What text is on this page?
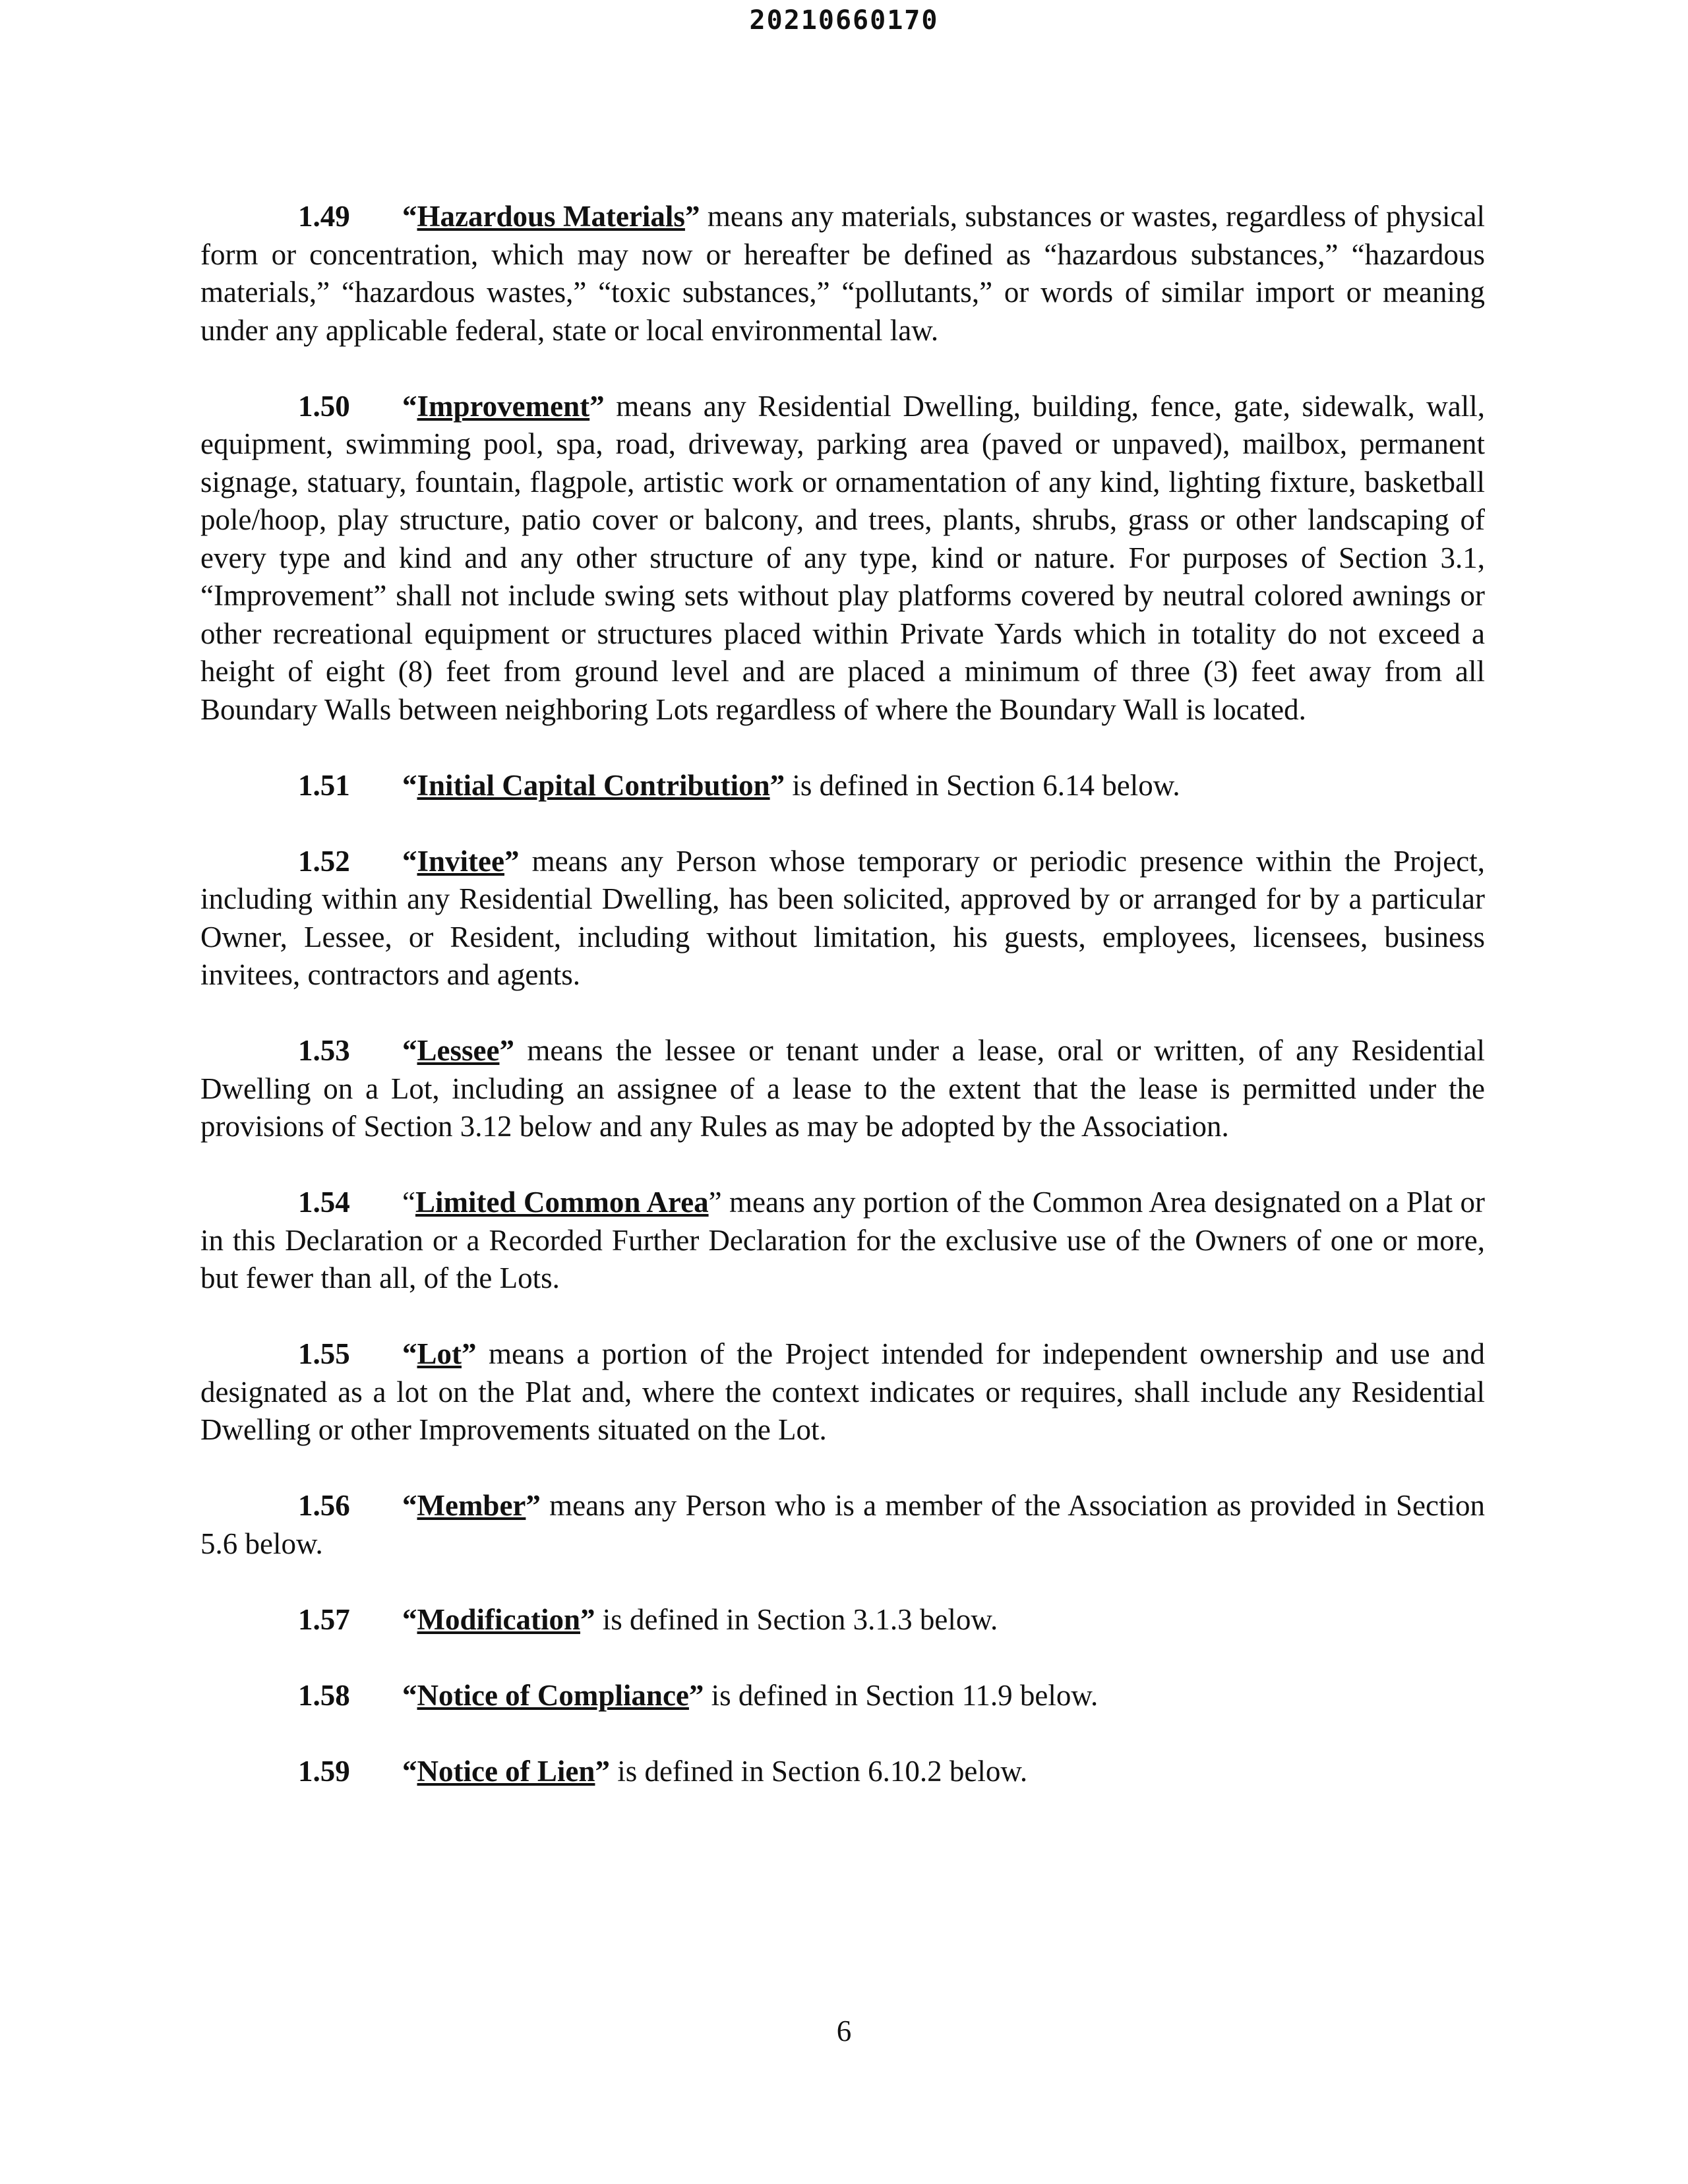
20210660170

1.49 “Hazardous Materials” means any materials, substances or wastes, regardless of physical form or concentration, which may now or hereafter be defined as “hazardous substances,” “hazardous materials,” “hazardous wastes,” “toxic substances,” “pollutants,” or words of similar import or meaning under any applicable federal, state or local environmental law.

1.50 “Improvement” means any Residential Dwelling, building, fence, gate, sidewalk, wall, equipment, swimming pool, spa, road, driveway, parking area (paved or unpaved), mailbox, permanent signage, statuary, fountain, flagpole, artistic work or ornamentation of any kind, lighting fixture, basketball pole/hoop, play structure, patio cover or balcony, and trees, plants, shrubs, grass or other landscaping of every type and kind and any other structure of any type, kind or nature. For purposes of Section 3.1, “Improvement” shall not include swing sets without play platforms covered by neutral colored awnings or other recreational equipment or structures placed within Private Yards which in totality do not exceed a height of eight (8) feet from ground level and are placed a minimum of three (3) feet away from all Boundary Walls between neighboring Lots regardless of where the Boundary Wall is located.

1.51 “Initial Capital Contribution” is defined in Section 6.14 below.

1.52 “Invitee” means any Person whose temporary or periodic presence within the Project, including within any Residential Dwelling, has been solicited, approved by or arranged for by a particular Owner, Lessee, or Resident, including without limitation, his guests, employees, licensees, business invitees, contractors and agents.

1.53 “Lessee” means the lessee or tenant under a lease, oral or written, of any Residential Dwelling on a Lot, including an assignee of a lease to the extent that the lease is permitted under the provisions of Section 3.12 below and any Rules as may be adopted by the Association.

1.54 “Limited Common Area” means any portion of the Common Area designated on a Plat or in this Declaration or a Recorded Further Declaration for the exclusive use of the Owners of one or more, but fewer than all, of the Lots.

1.55 “Lot” means a portion of the Project intended for independent ownership and use and designated as a lot on the Plat and, where the context indicates or requires, shall include any Residential Dwelling or other Improvements situated on the Lot.

1.56 “Member” means any Person who is a member of the Association as provided in Section 5.6 below.

1.57 “Modification” is defined in Section 3.1.3 below.

1.58 “Notice of Compliance” is defined in Section 11.9 below.

1.59 “Notice of Lien” is defined in Section 6.10.2 below.

6
